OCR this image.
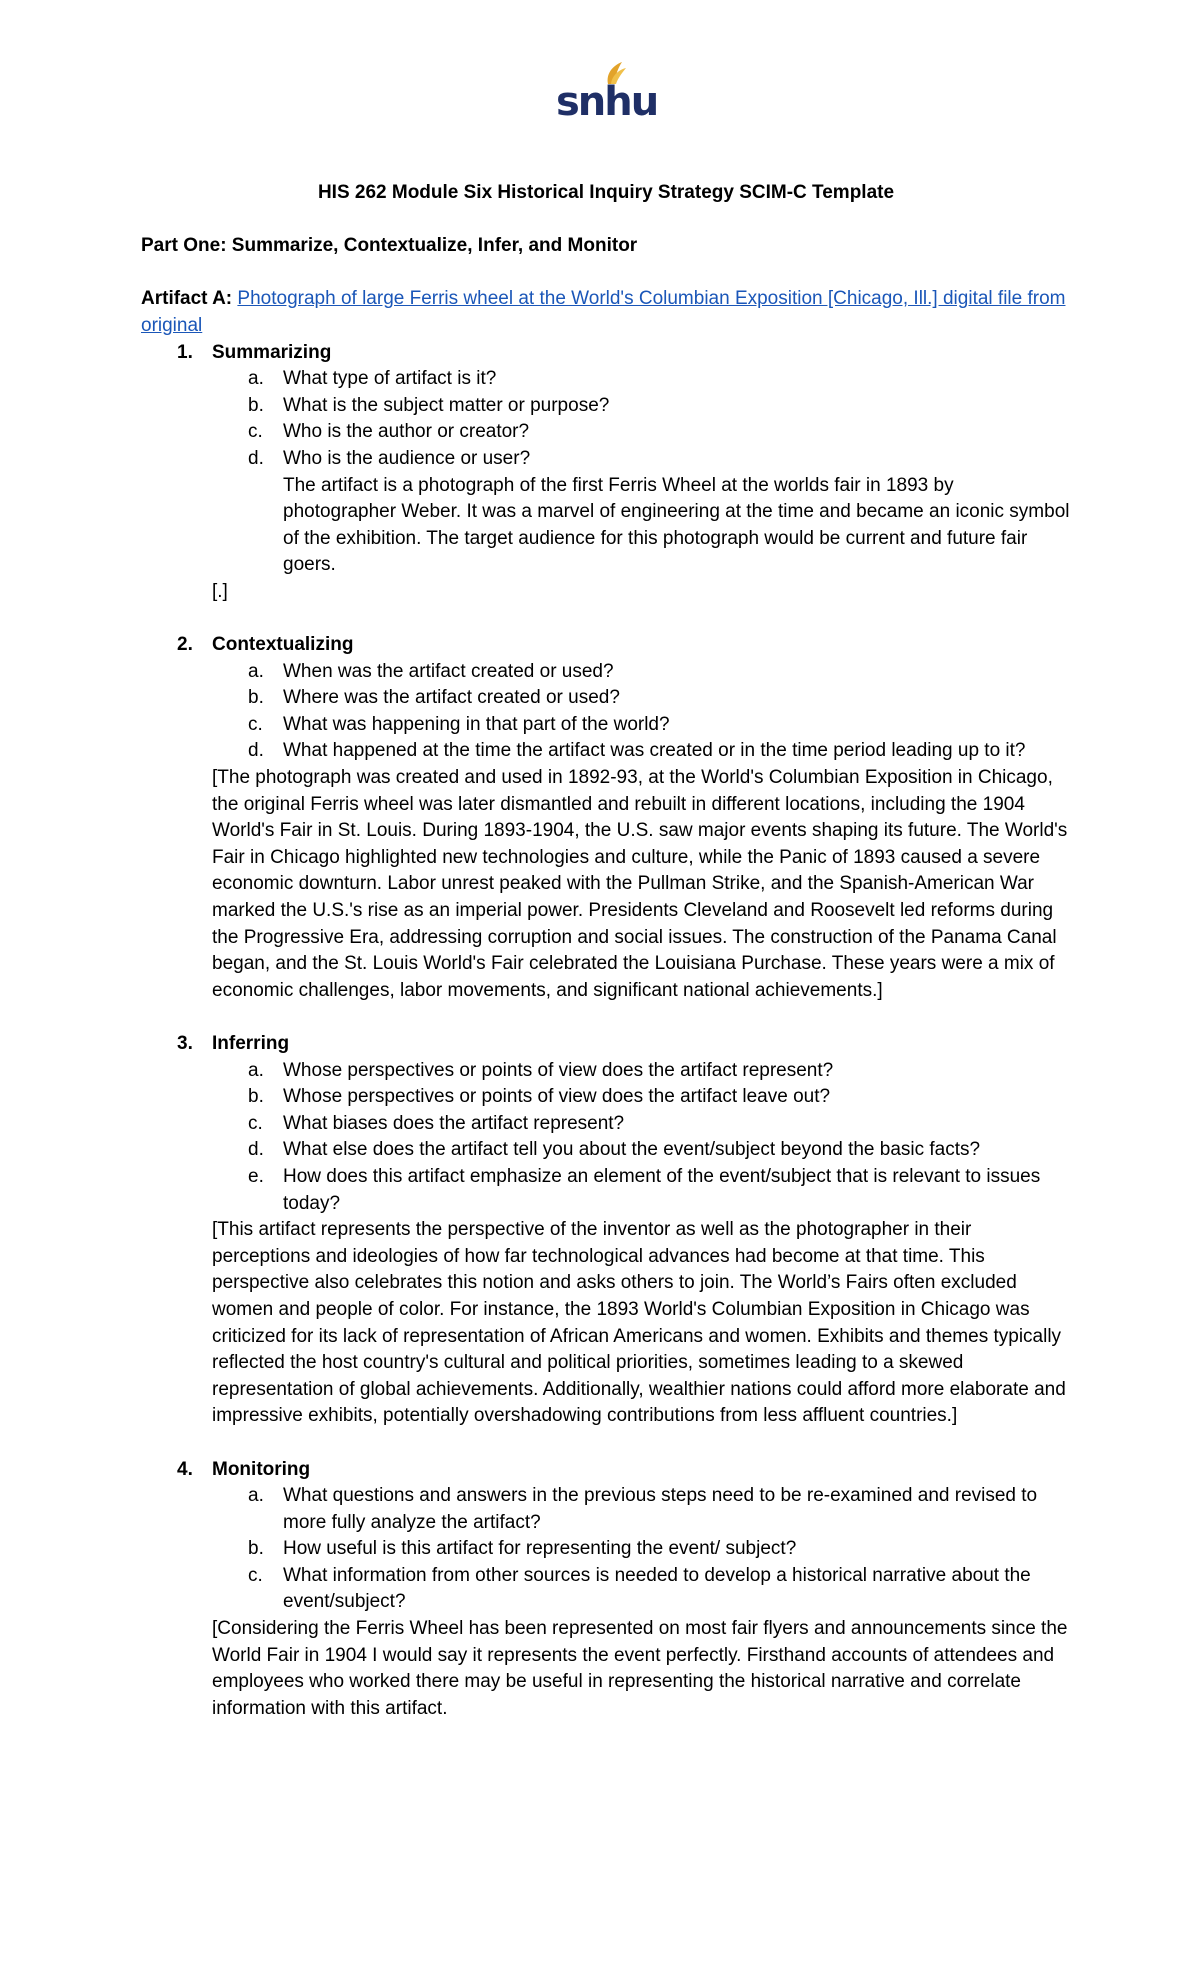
snhu
HIS 262 Module Six Historical Inquiry Strategy SCIM-C Template
Part One: Summarize, Contextualize, Infer, and Monitor
Artifact A: Photograph of large Ferris wheel at the World's Columbian Exposition [Chicago, Ill.] digital file from original
1. Summarizing
a. What type of artifact is it?
b. What is the subject matter or purpose?
c. Who is the author or creator?
d. Who is the audience or user?
The artifact is a photograph of the first Ferris Wheel at the worlds fair in 1893 by photographer Weber. It was a marvel of engineering at the time and became an iconic symbol of the exhibition. The target audience for this photograph would be current and future fair goers.
[.]
2. Contextualizing
a. When was the artifact created or used?
b. Where was the artifact created or used?
c. What was happening in that part of the world?
d. What happened at the time the artifact was created or in the time period leading up to it?
[The photograph was created and used in 1892-93, at the World's Columbian Exposition in Chicago, the original Ferris wheel was later dismantled and rebuilt in different locations, including the 1904 World's Fair in St. Louis. During 1893-1904, the U.S. saw major events shaping its future. The World's Fair in Chicago highlighted new technologies and culture, while the Panic of 1893 caused a severe economic downturn. Labor unrest peaked with the Pullman Strike, and the Spanish-American War marked the U.S.'s rise as an imperial power. Presidents Cleveland and Roosevelt led reforms during the Progressive Era, addressing corruption and social issues. The construction of the Panama Canal began, and the St. Louis World's Fair celebrated the Louisiana Purchase. These years were a mix of economic challenges, labor movements, and significant national achievements.]
3. Inferring
a. Whose perspectives or points of view does the artifact represent?
b. Whose perspectives or points of view does the artifact leave out?
c. What biases does the artifact represent?
d. What else does the artifact tell you about the event/subject beyond the basic facts?
e. How does this artifact emphasize an element of the event/subject that is relevant to issues today?
[This artifact represents the perspective of the inventor as well as the photographer in their perceptions and ideologies of how far technological advances had become at that time. This perspective also celebrates this notion and asks others to join. The World’s Fairs often excluded women and people of color. For instance, the 1893 World's Columbian Exposition in Chicago was criticized for its lack of representation of African Americans and women. Exhibits and themes typically reflected the host country's cultural and political priorities, sometimes leading to a skewed representation of global achievements. Additionally, wealthier nations could afford more elaborate and impressive exhibits, potentially overshadowing contributions from less affluent countries.]
4. Monitoring
a. What questions and answers in the previous steps need to be re-examined and revised to more fully analyze the artifact?
b. How useful is this artifact for representing the event/ subject?
c. What information from other sources is needed to develop a historical narrative about the event/subject?
[Considering the Ferris Wheel has been represented on most fair flyers and announcements since the World Fair in 1904 I would say it represents the event perfectly. Firsthand accounts of attendees and employees who worked there may be useful in representing the historical narrative and correlate information with this artifact.
